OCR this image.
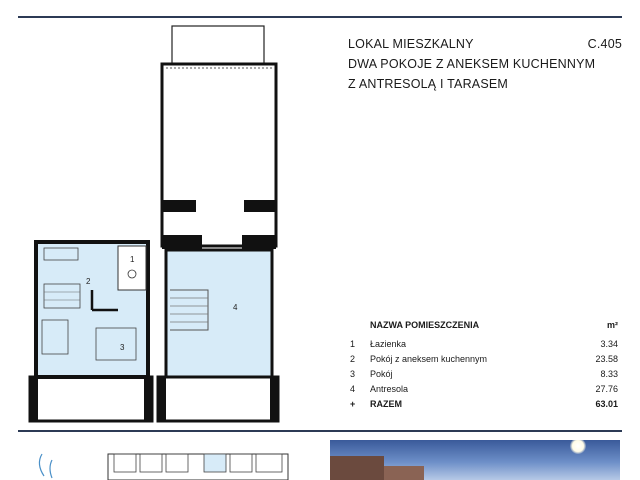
4
1
2
3
LOKAL MIESZKALNY	C.405
DWA POKOJE Z ANEKSEM KUCHENNYM
Z ANTRESOLĄ I TARASEM
NAZWA POMIESZCZENIA	m²
1	Łazienka	3.34
2	Pokój z aneksem kuchennym	23.58
3	Pokój	8.33
4	Antresola	27.76
+	RAZEM	63.01
